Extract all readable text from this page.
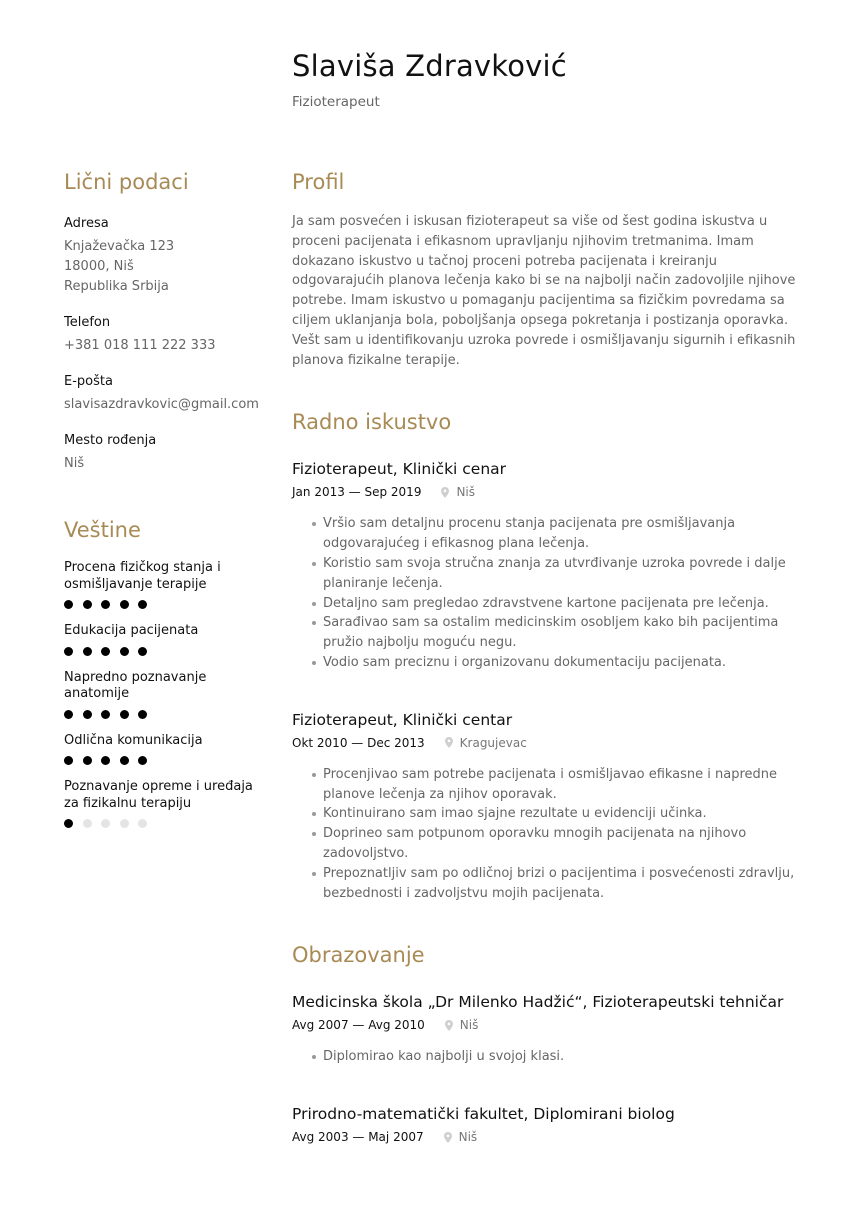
Slaviša Zdravković
Fizioterapeut
Lični podaci
Adresa
Knjaževačka 123
18000, Niš
Republika Srbija
Telefon
+381 018 111 222 333
E-pošta
slavisazdravkovic@gmail.com
Mesto rođenja
Niš
Veštine
Procena fizičkog stanja i osmišljavanje terapije
Edukacija pacijenata
Napredno poznavanje anatomije
Odlična komunikacija
Poznavanje opreme i uređaja za fizikalnu terapiju
Profil

Ja sam posvećen i iskusan fizioterapeut sa više od šest godina iskustva u proceni pacijenata i efikasnom upravljanju njihovim tretmanima. Imam dokazano iskustvo u tačnoj proceni potreba pacijenata i kreiranju odgovarajućih planova lečenja kako bi se na najbolji način zadovoljile njihove potrebe. Imam iskustvo u pomaganju pacijentima sa fizičkim povredama sa ciljem uklanjanja bola, poboljšanja opsega pokretanja i postizanja oporavka. Vešt sam u identifikovanju uzroka povrede i osmišljavanju sigurnih i efikasnih planova fizikalne terapije.

Radno iskustvo
Fizioterapeut, Klinički cenar
Jan 2013 — Sep 2019	Niš
Vršio sam detaljnu procenu stanja pacijenata pre osmišljavanja odgovarajućeg i efikasnog plana lečenja.
Koristio sam svoja stručna znanja za utvrđivanje uzroka povrede i dalje planiranje lečenja.
Detaljno sam pregledao zdravstvene kartone pacijenata pre lečenja.
Sarađivao sam sa ostalim medicinskim osobljem kako bih pacijentima pružio najbolju moguću negu.
Vodio sam preciznu i organizovanu dokumentaciju pacijenata.
Fizioterapeut, Klinički centar
Okt 2010 — Dec 2013	Kragujevac
Procenjivao sam potrebe pacijenata i osmišljavao efikasne i napredne planove lečenja za njihov oporavak.
Kontinuirano sam imao sjajne rezultate u evidenciji učinka.
Doprineo sam potpunom oporavku mnogih pacijenata na njihovo zadovoljstvo.
Prepoznatljiv sam po odličnoj brizi o pacijentima i posvećenosti zdravlju, bezbednosti i zadvoljstvu mojih pacijenata.
Obrazovanje
Medicinska škola „Dr Milenko Hadžić“, Fizioterapeutski tehničar
Avg 2007 — Avg 2010	Niš
Diplomirao kao najbolji u svojoj klasi.
Prirodno-matematički fakultet, Diplomirani biolog
Avg 2003 — Maj 2007	Niš
